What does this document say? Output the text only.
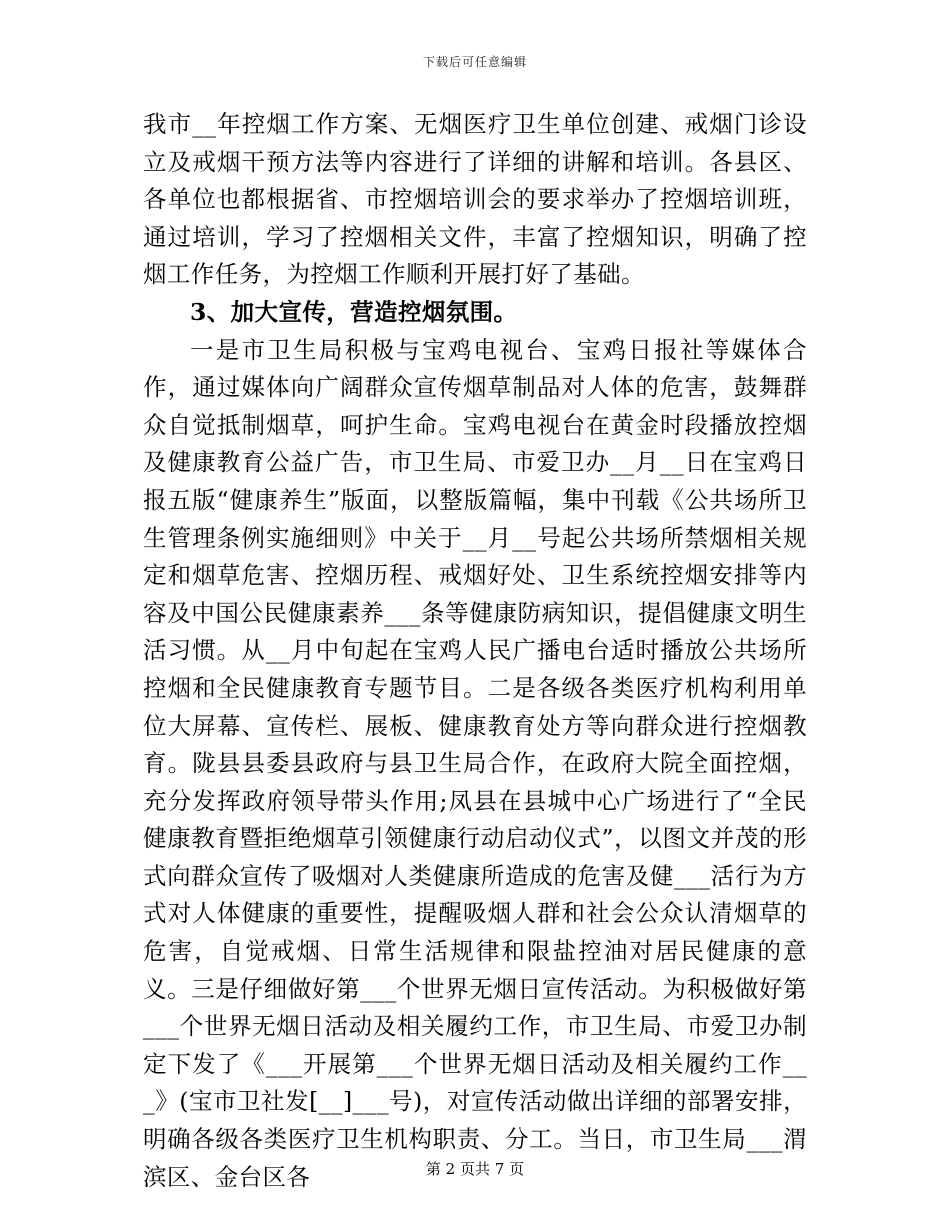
下载后可任意编辑

我市__年控烟工作方案、无烟医疗卫生单位创建、戒烟门诊设立及戒烟干预方法等内容进行了详细的讲解和培训。各县区、各单位也都根据省、市控烟培训会的要求举办了控烟培训班，通过培训，学习了控烟相关文件，丰富了控烟知识，明确了控烟工作任务，为控烟工作顺利开展打好了基础。

3、加大宣传，营造控烟氛围。

一是市卫生局积极与宝鸡电视台、宝鸡日报社等媒体合作，通过媒体向广阔群众宣传烟草制品对人体的危害，鼓舞群众自觉抵制烟草，呵护生命。宝鸡电视台在黄金时段播放控烟及健康教育公益广告，市卫生局、市爱卫办__月__日在宝鸡日报五版“健康养生”版面，以整版篇幅，集中刊载《公共场所卫生管理条例实施细则》中关于__月__号起公共场所禁烟相关规定和烟草危害、控烟历程、戒烟好处、卫生系统控烟安排等内容及中国公民健康素养___条等健康防病知识，提倡健康文明生活习惯。从__月中旬起在宝鸡人民广播电台适时播放公共场所控烟和全民健康教育专题节目。二是各级各类医疗机构利用单位大屏幕、宣传栏、展板、健康教育处方等向群众进行控烟教育。陇县县委县政府与县卫生局合作，在政府大院全面控烟，充分发挥政府领导带头作用;凤县在县城中心广场进行了“全民健康教育暨拒绝烟草引领健康行动启动仪式”，以图文并茂的形式向群众宣传了吸烟对人类健康所造成的危害及健___活行为方式对人体健康的重要性，提醒吸烟人群和社会公众认清烟草的危害，自觉戒烟、日常生活规律和限盐控油对居民健康的意义。三是仔细做好第___个世界无烟日宣传活动。为积极做好第___个世界无烟日活动及相关履约工作，市卫生局、市爱卫办制定下发了《___开展第___个世界无烟日活动及相关履约工作___》(宝市卫社发[__]___号)，对宣传活动做出详细的部署安排，明确各级各类医疗卫生机构职责、分工。当日，市卫生局___渭滨区、金台区各	第 2 页共 7 页
